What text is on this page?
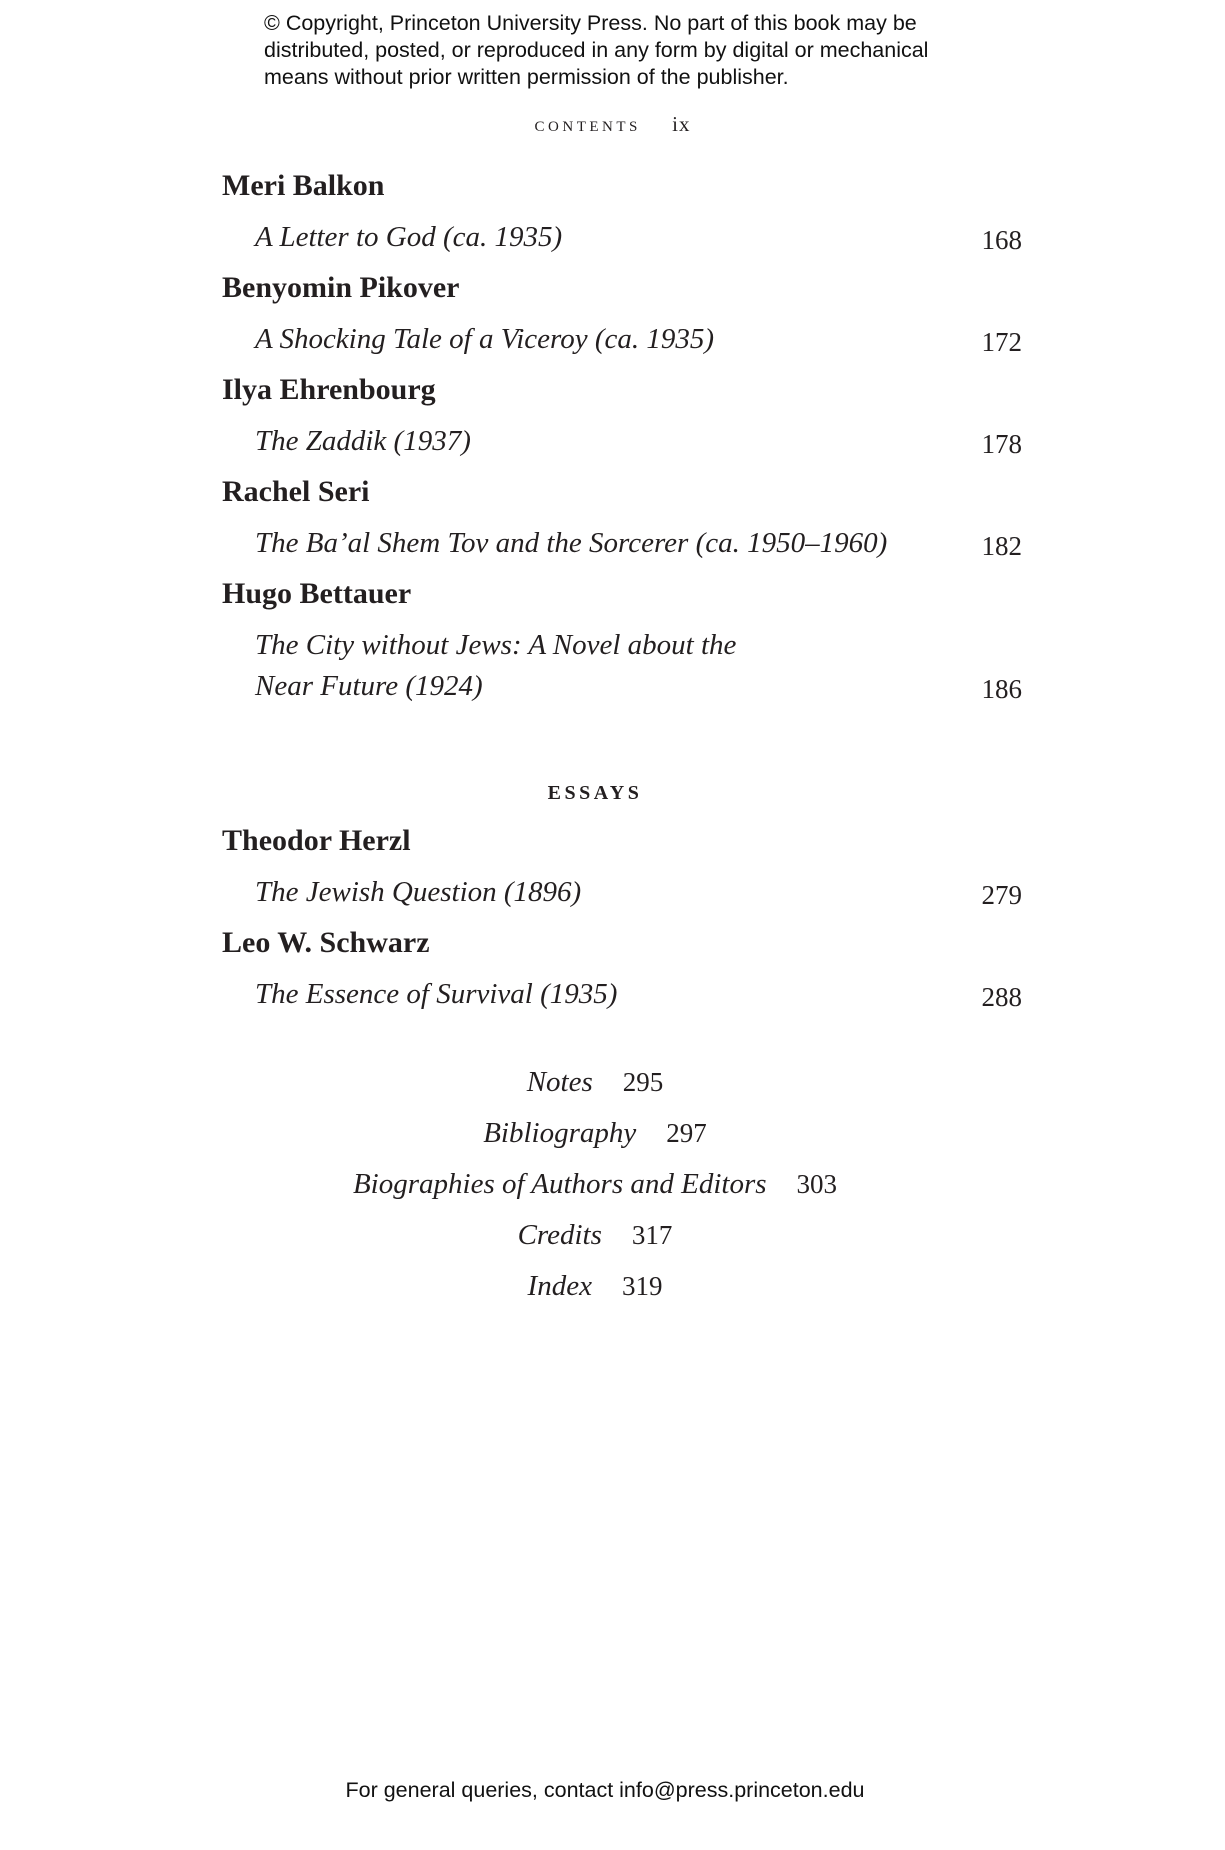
© Copyright, Princeton University Press. No part of this book may be distributed, posted, or reproduced in any form by digital or mechanical means without prior written permission of the publisher.
CONTENTS ix
Meri Balkon
A Letter to God (ca. 1935)	168
Benyomin Pikover
A Shocking Tale of a Viceroy (ca. 1935)	172
Ilya Ehrenbourg
The Zaddik (1937)	178
Rachel Seri
The Ba’al Shem Tov and the Sorcerer (ca. 1950–1960)	182
Hugo Bettauer
The City without Jews: A Novel about the
Near Future (1924)	186
Theodor Herzl
The Jewish Question (1896)	279
Leo W. Schwarz
The Essence of Survival (1935)	288
ESSAYS
Notes 295
Bibliography 297
Biographies of Authors and Editors 303
Credits 317
Index 319
For general queries, contact info@press.princeton.edu
